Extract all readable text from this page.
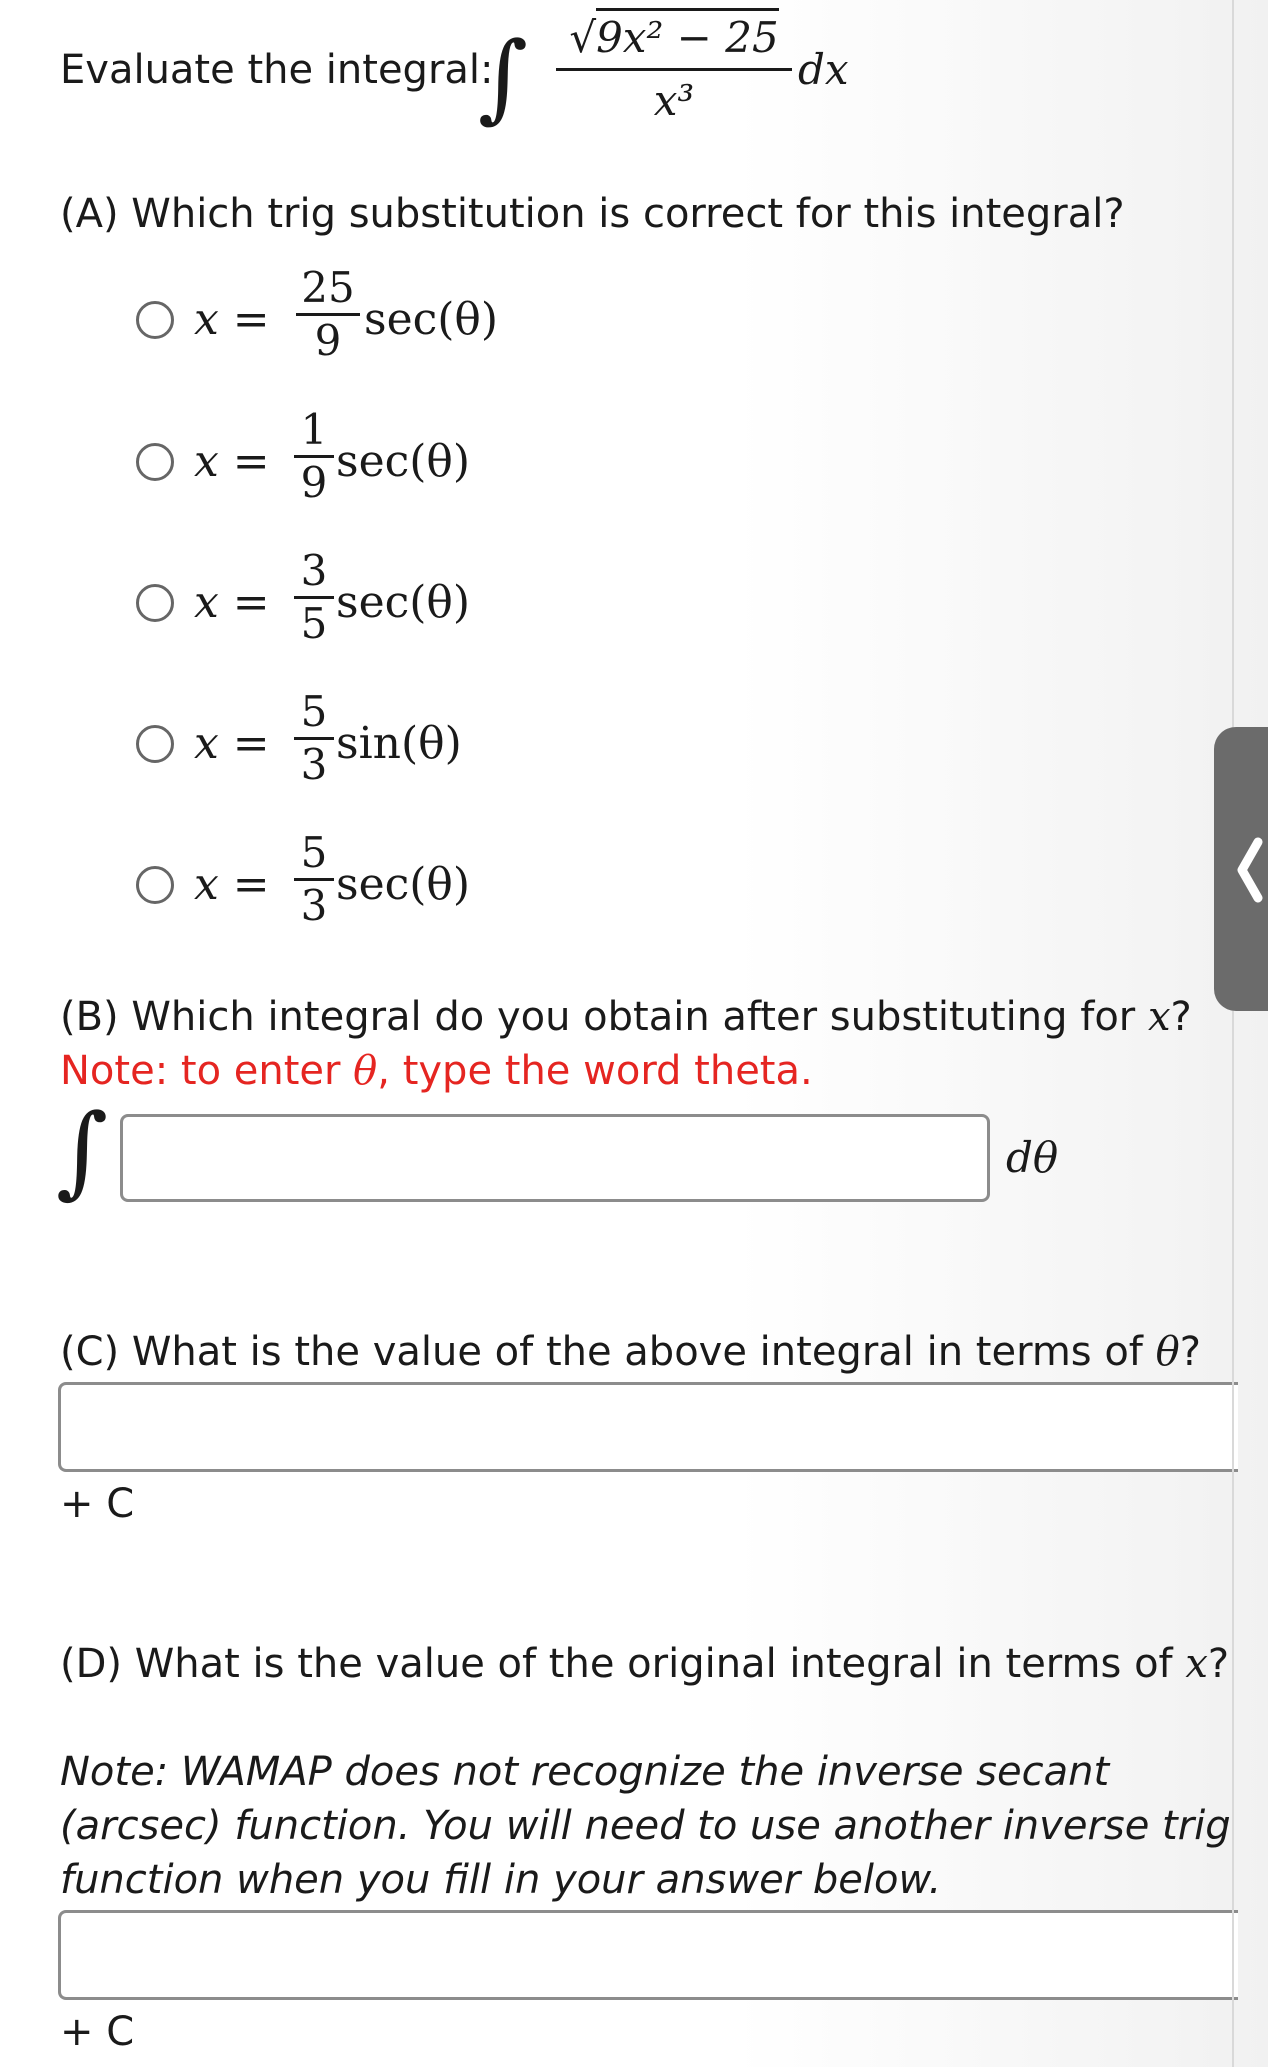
Evaluate the integral:
∫ √9x² − 25
x³
dx
(A) Which trig substitution is correct for this integral?
x =
25
9 sec(θ)
x =
1
9 sec(θ)
x =
3
5 sec(θ)
x =
5
3 sin(θ)
x =
5
3 sec(θ)
(B) Which integral do you obtain after substituting for x?
Note: to enter θ, type the word theta.
∫	dθ
(C) What is the value of the above integral in terms of θ?
+ C
(D) What is the value of the original integral in terms of x?
Note: WAMAP does not recognize the inverse secant
(arcsec) function. You will need to use another inverse trig
function when you fill in your answer below.
+ C
